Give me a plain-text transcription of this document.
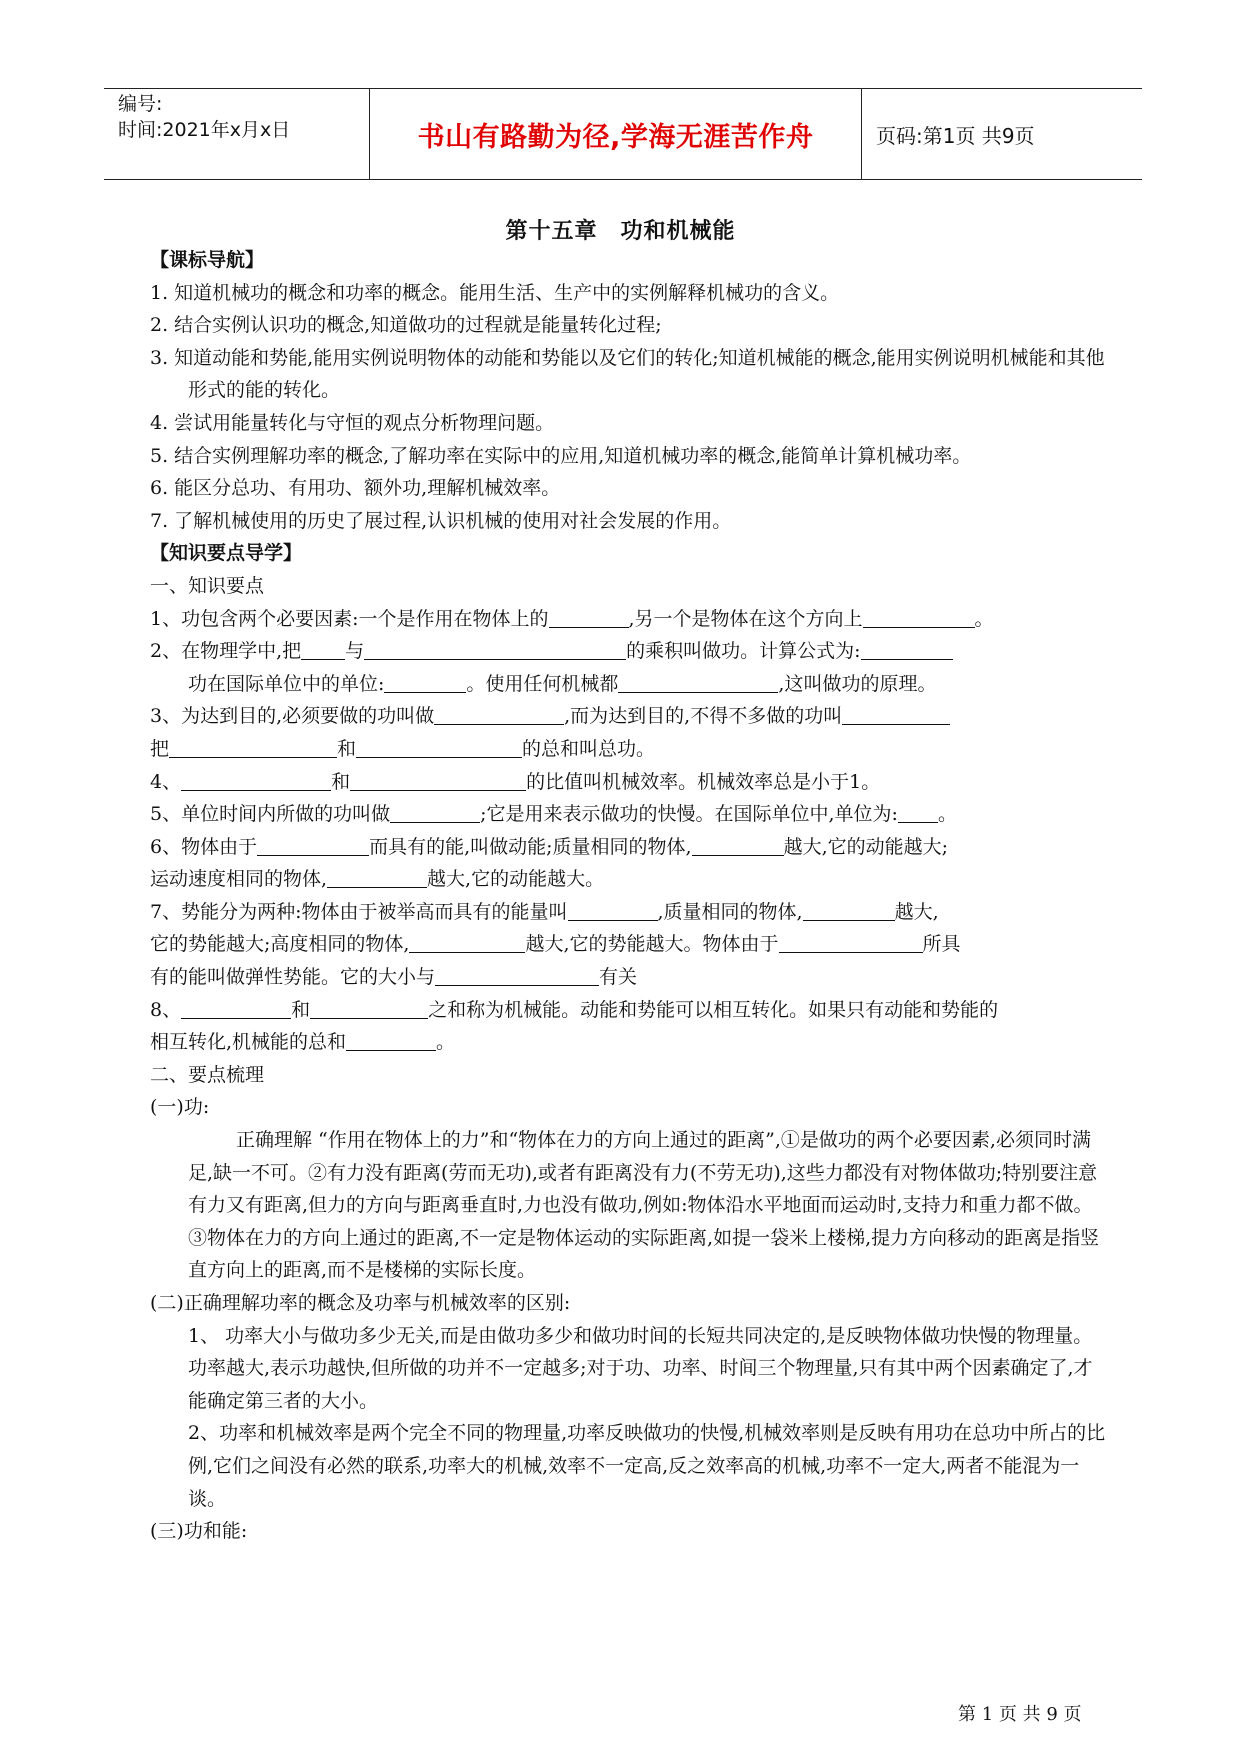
编号:
时间:2021年x月x日	书山有路勤为径,学海无涯苦作舟	页码:第1页 共9页
第十五章　功和机械能

【课标导航】

1. 知道机械功的概念和功率的概念。能用生活、生产中的实例解释机械功的含义。

2. 结合实例认识功的概念,知道做功的过程就是能量转化过程;

3. 知道动能和势能,能用实例说明物体的动能和势能以及它们的转化;知道机械能的概念,能用实例说明机械能和其他形式的能的转化。

4. 尝试用能量转化与守恒的观点分析物理问题。

5. 结合实例理解功率的概念,了解功率在实际中的应用,知道机械功率的概念,能简单计算机械功率。

6. 能区分总功、有用功、额外功,理解机械效率。

7. 了解机械使用的历史了展过程,认识机械的使用对社会发展的作用。

【知识要点导学】

一、知识要点

1、功包含两个必要因素:一个是作用在物体上的	,另一个是物体在这个方向上	。

2、在物理学中,把 与	的乘积叫做功。计算公式为:

功在国际单位中的单位:	。使用任何机械都	,这叫做功的原理。

3、为达到目的,必须要做的功叫做	,而为达到目的,不得不多做的功叫

把	和	的总和叫总功。

4、	和	的比值叫机械效率。机械效率总是小于1。

5、单位时间内所做的功叫做	;它是用来表示做功的快慢。在国际单位中,单位为: 。

6、物体由于	而具有的能,叫做动能;质量相同的物体,	越大,它的动能越大;

运动速度相同的物体,	越大,它的动能越大。

7、势能分为两种:物体由于被举高而具有的能量叫	,质量相同的物体,	越大,

它的势能越大;高度相同的物体,	越大,它的势能越大。物体由于	所具

有的能叫做弹性势能。它的大小与	有关

8、	和	之和称为机械能。动能和势能可以相互转化。如果只有动能和势能的

相互转化,机械能的总和	。

二、要点梳理

(一)功:

正确理解 “作用在物体上的力”和“物体在力的方向上通过的距离”,①是做功的两个必要因素,必须同时满足,缺一不可。②有力没有距离(劳而无功),或者有距离没有力(不劳无功),这些力都没有对物体做功;特别要注意有力又有距离,但力的方向与距离垂直时,力也没有做功,例如:物体沿水平地面而运动时,支持力和重力都不做。③物体在力的方向上通过的距离,不一定是物体运动的实际距离,如提一袋米上楼梯,提力方向移动的距离是指竖直方向上的距离,而不是楼梯的实际长度。

(二)正确理解功率的概念及功率与机械效率的区别:

1、 功率大小与做功多少无关,而是由做功多少和做功时间的长短共同决定的,是反映物体做功快慢的物理量。功率越大,表示功越快,但所做的功并不一定越多;对于功、功率、时间三个物理量,只有其中两个因素确定了,才能确定第三者的大小。

2、功率和机械效率是两个完全不同的物理量,功率反映做功的快慢,机械效率则是反映有用功在总功中所占的比例,它们之间没有必然的联系,功率大的机械,效率不一定高,反之效率高的机械,功率不一定大,两者不能混为一谈。

(三)功和能:

第 1 页 共 9 页
